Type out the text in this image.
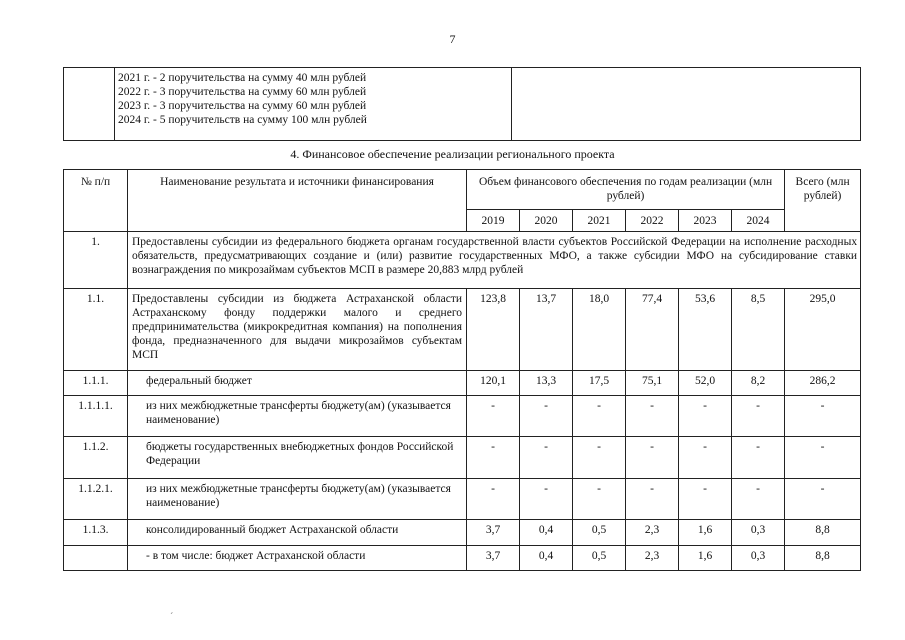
7

2021 г. - 2 поручительства на сумму 40 млн рублей
2022 г. - 3 поручительства на сумму 60 млн рублей
2023 г. - 3 поручительства на сумму 60 млн рублей
2024 г. - 5 поручительств на сумму 100 млн рублей

4. Финансовое обеспечение реализации регионального проекта
№ п/п	Наименование результата и источники финансирования	Объем финансового обеспечения по годам реализации (млн рублей)						Всего (млн рублей)
		2019	2020	2021	2022	2023	2024	
1.	Предоставлены субсидии из федерального бюджета органам государственной власти субъектов Российской Федерации на исполнение расходных обязательств, предусматривающих создание и (или) развитие государственных МФО, а также субсидии МФО на субсидирование ставки вознаграждения по микрозаймам субъектов МСП в размере 20,883 млрд рублей							
1.1.	Предоставлены субсидии из бюджета Астраханской области Астраханскому фонду поддержки малого и среднего предпринимательства (микрокредитная компания) на пополнения фонда, предназначенного для выдачи микрозаймов субъектам МСП	123,8	13,7	18,0	77,4	53,6	8,5	295,0
1.1.1.	федеральный бюджет	120,1	13,3	17,5	75,1	52,0	8,2	286,2
1.1.1.1.	из них межбюджетные трансферты бюджету(ам) (указывается наименование)	-	-	-	-	-	-	-
1.1.2.	бюджеты государственных внебюджетных фондов Российской Федерации	-	-	-	-	-	-	-
1.1.2.1.	из них межбюджетные трансферты бюджету(ам) (указывается наименование)	-	-	-	-	-	-	-
1.1.3.	консолидированный бюджет Астраханской области	3,7	0,4	0,5	2,3	1,6	0,3	8,8
	- в том числе: бюджет Астраханской области	3,7	0,4	0,5	2,3	1,6	0,3	8,8
ˊ
